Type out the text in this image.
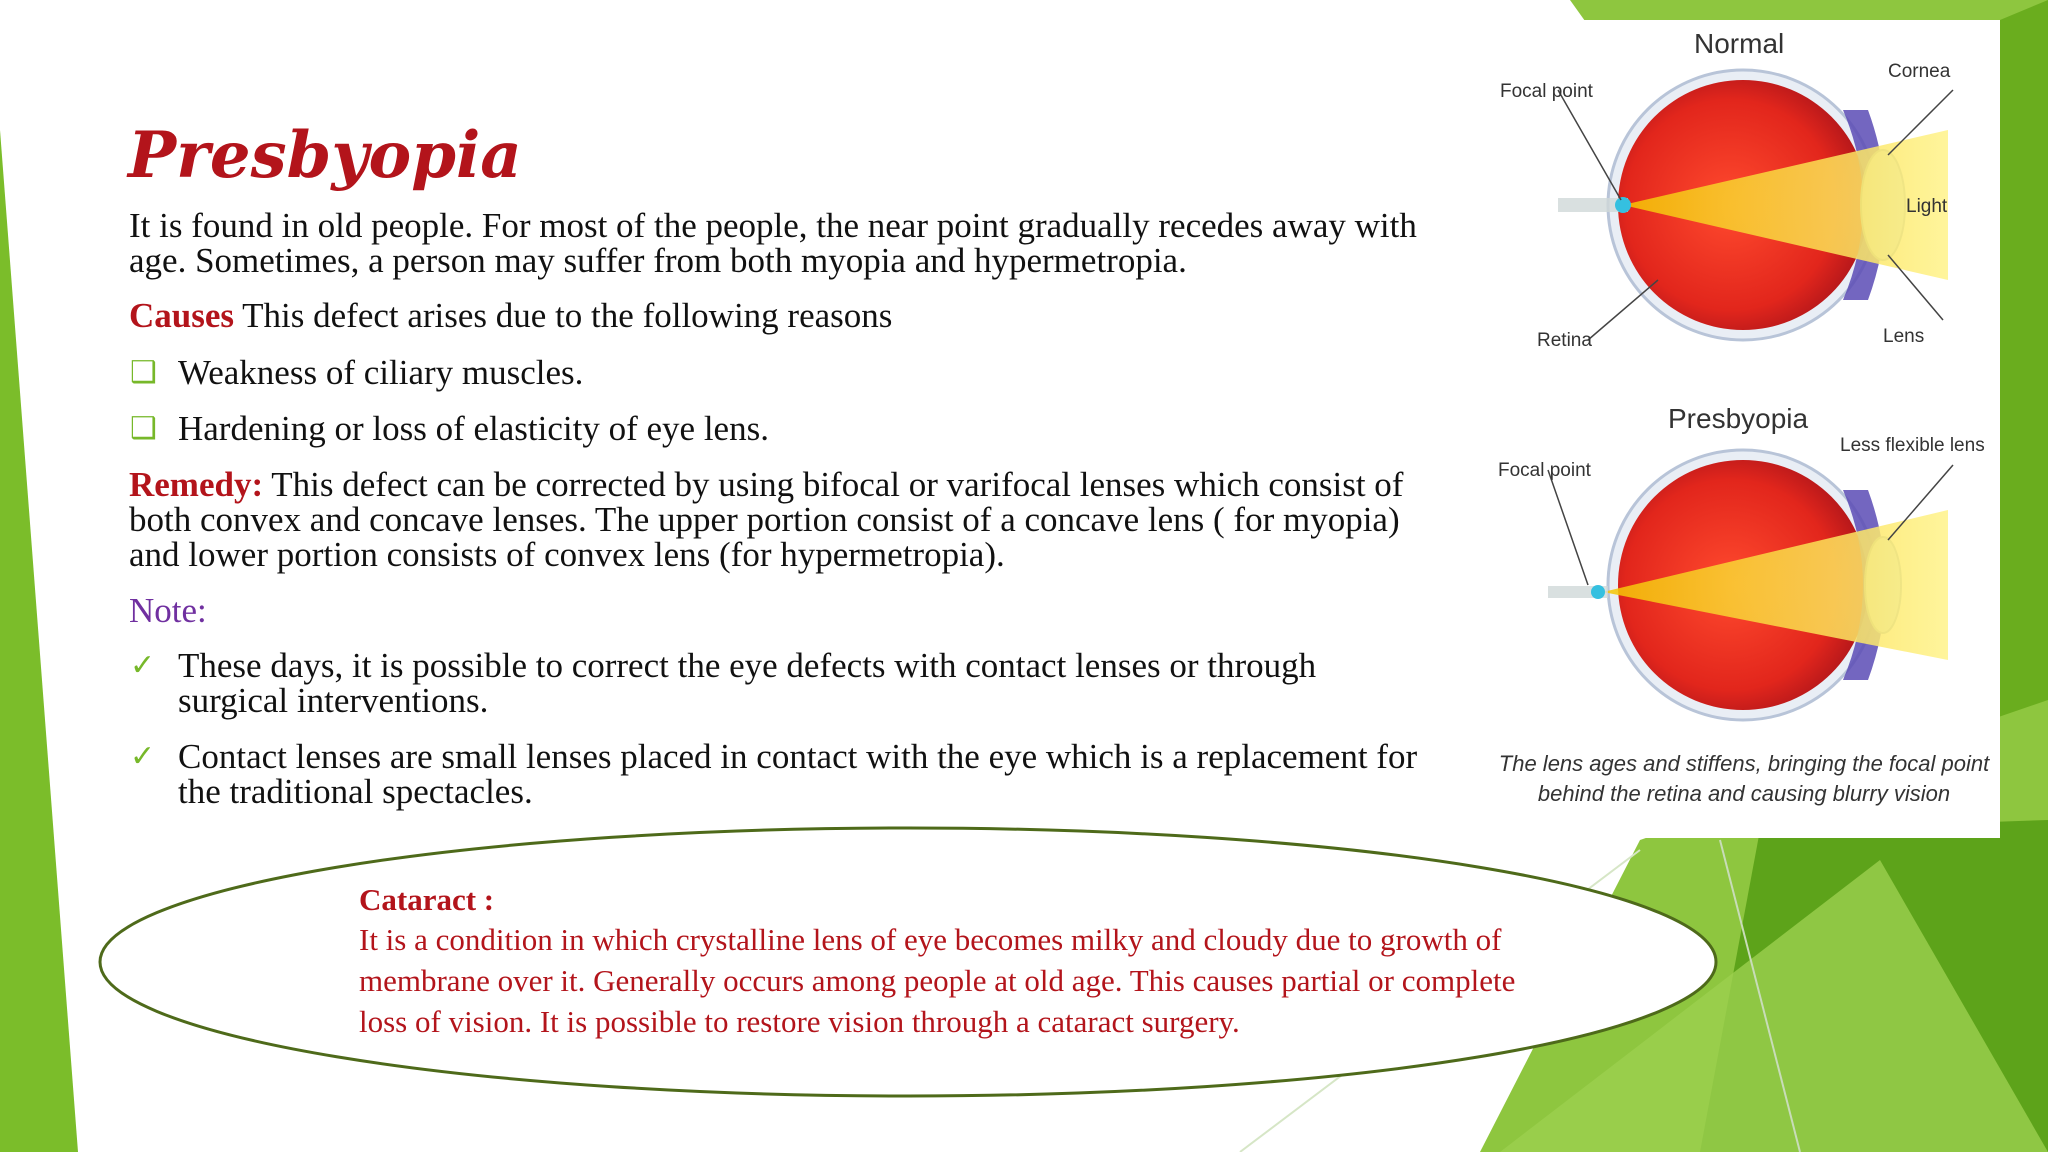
Presbyopia
It is found in old people. For most of the people, the near point gradually recedes away with age. Sometimes, a person may suffer from both myopia and hypermetropia.
Causes This defect arises due to the following reasons
❑ Weakness of ciliary muscles.
❑ Hardening or loss of elasticity of eye lens.
Remedy: This defect can be corrected by using bifocal or varifocal lenses which consist of both convex and concave lenses. The upper portion consist of a concave lens ( for myopia) and lower portion consists of convex lens (for hypermetropia).
Note:
✓ These days, it is possible to correct the eye defects with contact lenses or through surgical interventions.
✓ Contact lenses are small lenses placed in contact with the eye which is a replacement for the traditional spectacles.
Normal
Focal point
Cornea
Light
Retina	Lens
Presbyopia
Focal point
Less flexible lens
The lens ages and stiffens, bringing the focal point
behind the retina and causing blurry vision
Cataract :
It is a condition in which crystalline lens of eye becomes milky and cloudy due to growth of
membrane over it. Generally occurs among people at old age. This causes partial or complete
loss of vision. It is possible to restore vision through a cataract surgery.
